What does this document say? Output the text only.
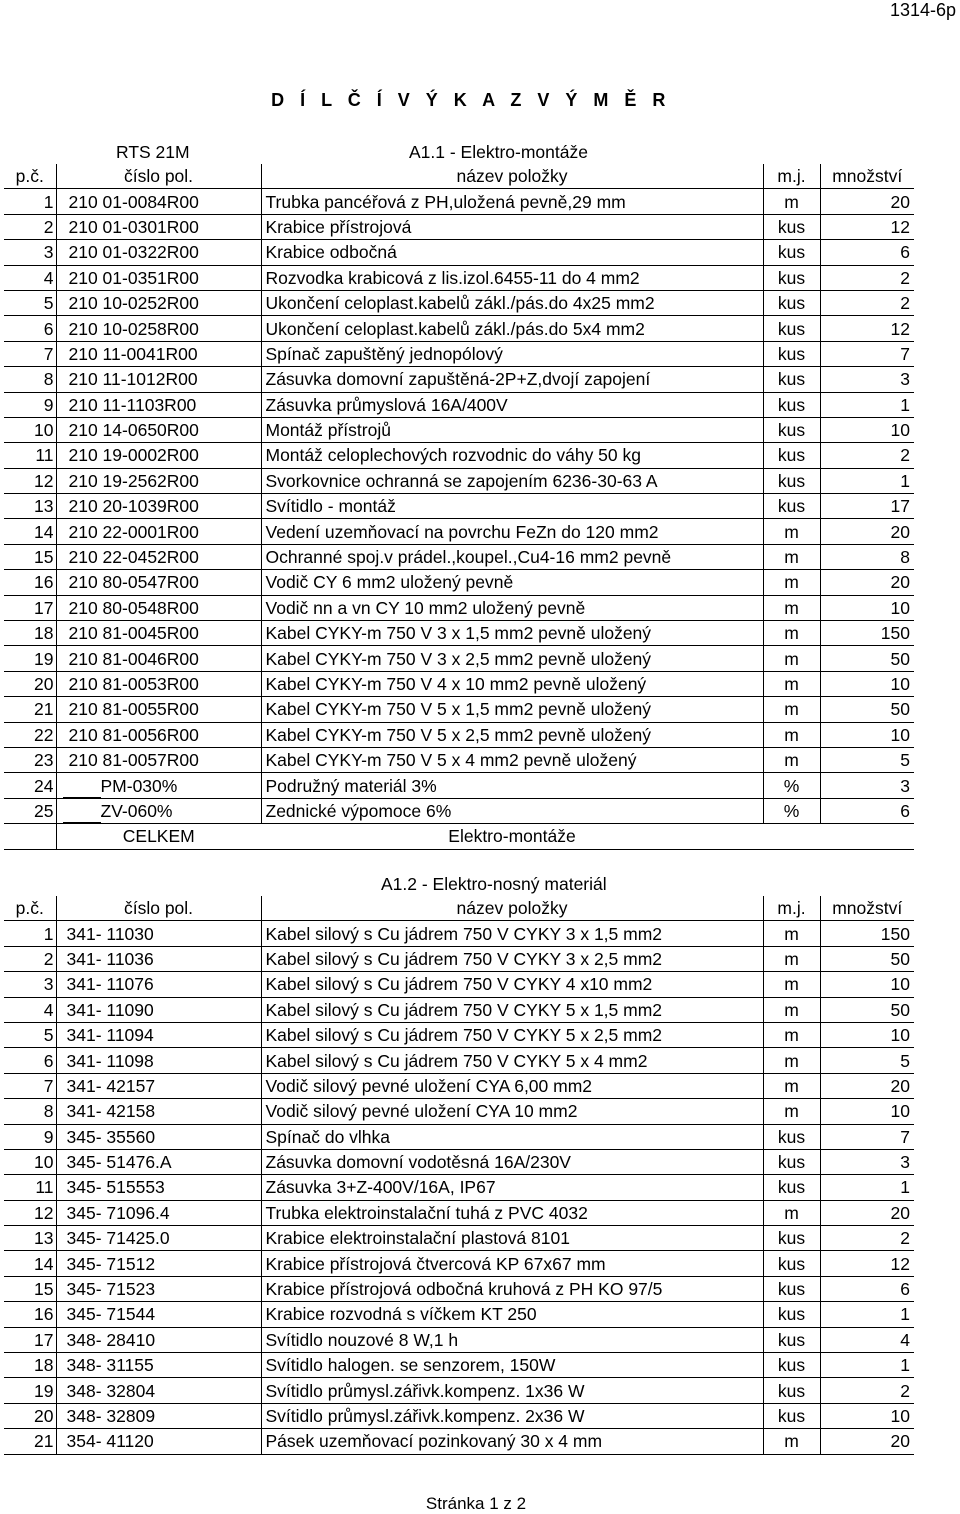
1314-6p
D Í L Č Í V Ý K A Z V Ý M Ě R
RTS 21M	A1.1 - Elektro-montáže
p.č.	číslo pol.	název položky	m.j.	množství
1	210 01-0084R00	Trubka pancéřová z PH,uložená pevně,29 mm	m	20
2	210 01-0301R00	Krabice přístrojová	kus	12
3	210 01-0322R00	Krabice odbočná	kus	6
4	210 01-0351R00	Rozvodka krabicová z lis.izol.6455-11 do 4 mm2	kus	2
5	210 10-0252R00	Ukončení celoplast.kabelů zákl./pás.do 4x25 mm2	kus	2
6	210 10-0258R00	Ukončení celoplast.kabelů zákl./pás.do 5x4 mm2	kus	12
7	210 11-0041R00	Spínač zapuštěný jednopólový	kus	7
8	210 11-1012R00	Zásuvka domovní zapuštěná-2P+Z,dvojí zapojení	kus	3
9	210 11-1103R00	Zásuvka průmyslová 16A/400V	kus	1
10	210 14-0650R00	Montáž přístrojů	kus	10
11	210 19-0002R00	Montáž celoplechových rozvodnic do váhy 50 kg	kus	2
12	210 19-2562R00	Svorkovnice ochranná se zapojením 6236-30-63 A	kus	1
13	210 20-1039R00	Svítidlo - montáž	kus	17
14	210 22-0001R00	Vedení uzemňovací na povrchu FeZn do 120 mm2	m	20
15	210 22-0452R00	Ochranné spoj.v prádel.,koupel.,Cu4-16 mm2 pevně	m	8
16	210 80-0547R00	Vodič CY 6 mm2 uložený pevně	m	20
17	210 80-0548R00	Vodič nn a vn CY 10 mm2 uložený pevně	m	10
18	210 81-0045R00	Kabel CYKY-m 750 V 3 x 1,5 mm2 pevně uložený	m	150
19	210 81-0046R00	Kabel CYKY-m 750 V 3 x 2,5 mm2 pevně uložený	m	50
20	210 81-0053R00	Kabel CYKY-m 750 V 4 x 10 mm2 pevně uložený	m	10
21	210 81-0055R00	Kabel CYKY-m 750 V 5 x 1,5 mm2 pevně uložený	m	50
22	210 81-0056R00	Kabel CYKY-m 750 V 5 x 2,5 mm2 pevně uložený	m	10
23	210 81-0057R00	Kabel CYKY-m 750 V 5 x 4 mm2 pevně uložený	m	5
24	PM-030%	Podružný materiál 3%	%	3
25	ZV-060%	Zednické výpomoce 6%	%	6
	CELKEM	Elektro-montáže		
A1.2 - Elektro-nosný materiál
p.č.	číslo pol.	název položky	m.j.	množství
1	341- 11030	Kabel silový s Cu jádrem 750 V CYKY 3 x 1,5 mm2	m	150
2	341- 11036	Kabel silový s Cu jádrem 750 V CYKY 3 x 2,5 mm2	m	50
3	341- 11076	Kabel silový s Cu jádrem 750 V CYKY 4 x10 mm2	m	10
4	341- 11090	Kabel silový s Cu jádrem 750 V CYKY 5 x 1,5 mm2	m	50
5	341- 11094	Kabel silový s Cu jádrem 750 V CYKY 5 x 2,5 mm2	m	10
6	341- 11098	Kabel silový s Cu jádrem 750 V CYKY 5 x 4 mm2	m	5
7	341- 42157	Vodič silový pevné uložení CYA 6,00 mm2	m	20
8	341- 42158	Vodič silový pevné uložení CYA 10 mm2	m	10
9	345- 35560	Spínač do vlhka	kus	7
10	345- 51476.A	Zásuvka domovní vodotěsná 16A/230V	kus	3
11	345- 515553	Zásuvka 3+Z-400V/16A, IP67	kus	1
12	345- 71096.4	Trubka elektroinstalační tuhá z PVC 4032	m	20
13	345- 71425.0	Krabice elektroinstalační plastová 8101	kus	2
14	345- 71512	Krabice přístrojová čtvercová KP 67x67 mm	kus	12
15	345- 71523	Krabice přístrojová odbočná kruhová z PH KO 97/5	kus	6
16	345- 71544	Krabice rozvodná s víčkem KT 250	kus	1
17	348- 28410	Svítidlo nouzové 8 W,1 h	kus	4
18	348- 31155	Svítidlo halogen. se senzorem, 150W	kus	1
19	348- 32804	Svítidlo průmysl.zářivk.kompenz. 1x36 W	kus	2
20	348- 32809	Svítidlo průmysl.zářivk.kompenz. 2x36 W	kus	10
21	354- 41120	Pásek uzemňovací pozinkovaný 30 x 4 mm	m	20
Stránka 1 z 2
